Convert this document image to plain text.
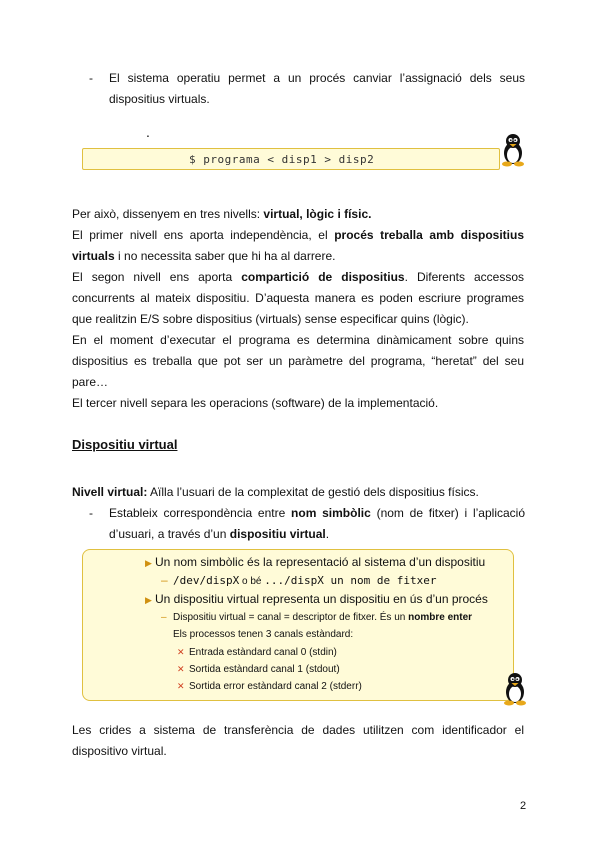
- El sistema operatiu permet a un procés canviar l’assignació dels seus dispositius virtuals.
.
$ programa < disp1 > disp2
Per això, dissenyem en tres nivells: virtual, lògic i físic.
El primer nivell ens aporta independència, el procés treballa amb dispositius virtuals i no necessita saber que hi ha al darrere.
El segon nivell ens aporta compartició de dispositius. Diferents accessos concurrents al mateix dispositiu. D’aquesta manera es poden escriure programes que realitzin E/S sobre dispositius (virtuals) sense especificar quins (lògic).
En el moment d’executar el programa es determina dinàmicament sobre quins dispositius es treballa que pot ser un paràmetre del programa, “heretat” del seu pare…
El tercer nivell separa les operacions (software) de la implementació.
Dispositiu virtual
Nivell virtual: Aïlla l’usuari de la complexitat de gestió dels dispositius físics.
- Estableix correspondència entre nom simbòlic (nom de fitxer) i l’aplicació d’usuari, a través d’un dispositiu virtual.
▶ Un nom simbòlic és la representació al sistema d’un dispositiu
– /dev/dispX o bé .../dispX un nom de fitxer
▶ Un dispositiu virtual representa un dispositiu en ús d’un procés
– Dispositiu virtual = canal = descriptor de fitxer. És un nombre enter
Els processos tenen 3 canals estàndard:
✕ Entrada estàndard canal 0 (stdin)
✕ Sortida estàndard canal 1 (stdout)
✕ Sortida error estàndard canal 2 (stderr)
Les crides a sistema de transferència de dades utilitzen com identificador el dispositivo virtual.
2
